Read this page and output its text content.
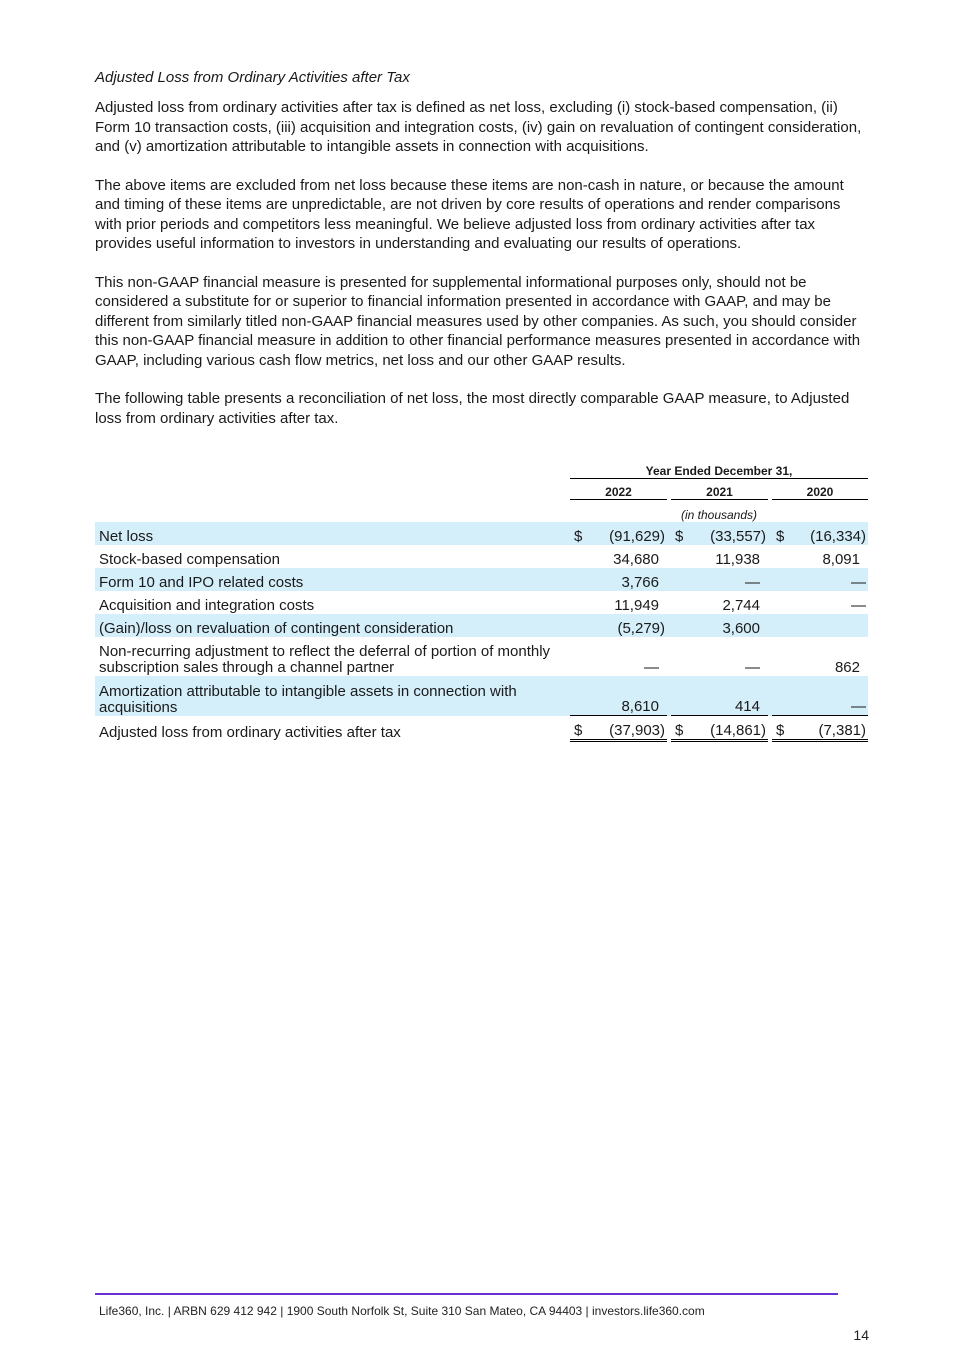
Adjusted Loss from Ordinary Activities after Tax

Adjusted loss from ordinary activities after tax is defined as net loss, excluding (i) stock-based compensation, (ii) Form 10 transaction costs, (iii) acquisition and integration costs, (iv) gain on revaluation of contingent consideration, and (v) amortization attributable to intangible assets in connection with acquisitions.

The above items are excluded from net loss because these items are non-cash in nature, or because the amount and timing of these items are unpredictable, are not driven by core results of operations and render comparisons with prior periods and competitors less meaningful. We believe adjusted loss from ordinary activities after tax provides useful information to investors in understanding and evaluating our results of operations.

This non-GAAP financial measure is presented for supplemental informational purposes only, should not be considered a substitute for or superior to financial information presented in accordance with GAAP, and may be different from similarly titled non-GAAP financial measures used by other companies. As such, you should consider this non-GAAP financial measure in addition to other financial performance measures presented in accordance with GAAP, including various cash flow metrics, net loss and our other GAAP results.

The following table presents a reconciliation of net loss, the most directly comparable GAAP measure, to Adjusted loss from ordinary activities after tax.

	Year Ended December 31,							
	2022			2021			2020	
	(in thousands)							
Net loss	$	(91,629)		$	(33,557)		$	(16,334)
Stock-based compensation		34,680			11,938			8,091
Form 10 and IPO related costs		3,766			—			—
Acquisition and integration costs		11,949			2,744			—
(Gain)/loss on revaluation of contingent consideration		(5,279)			3,600			
Non-recurring adjustment to reflect the deferral of portion of monthly subscription sales through a channel partner		—			—			862
Amortization attributable to intangible assets in connection with acquisitions		8,610			414			—
Adjusted loss from ordinary activities after tax	$	(37,903)		$	(14,861)		$	(7,381)
Life360, Inc. | ARBN 629 412 942 | 1900 South Norfolk St, Suite 310 San Mateo, CA 94403 | investors.life360.com
14
